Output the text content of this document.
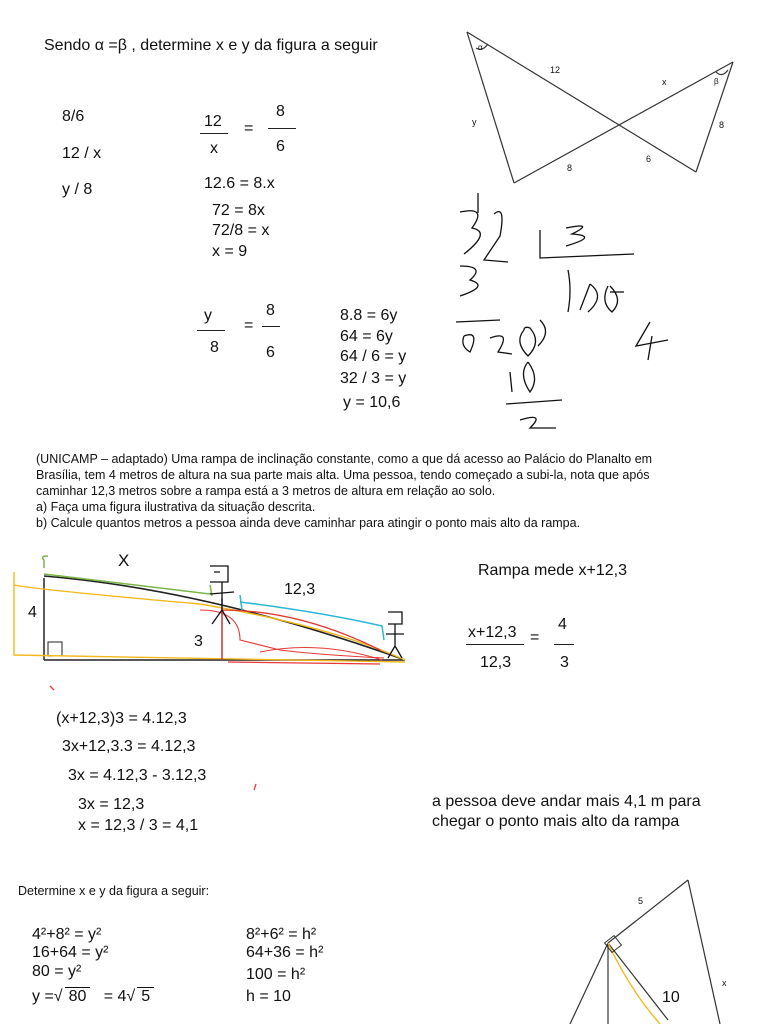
Sendo α =β , determine x e y da figura a seguir
8/6
12 / x
y / 8
12
x
=
8
6
12.6 = 8.x
72 = 8x
72/8 = x
x = 9
y
8
=
8
6
8.8 = 6y
64 = 6y
64 / 6 = y
32 / 3 = y
y = 10,6
α
β
12
x
y	8
8
6
(UNICAMP – adaptado) Uma rampa de inclinação constante, como a que dá acesso ao Palácio do Planalto em
Brasília, tem 4 metros de altura na sua parte mais alta. Uma pessoa, tendo começado a subi-la, nota que após
caminhar 12,3 metros sobre a rampa está a 3 metros de altura em relação ao solo.
a) Faça uma figura ilustrativa da situação descrita.
b) Calcule quantos metros a pessoa ainda deve caminhar para atingir o ponto mais alto da rampa.
X
12,3
4
3
Rampa mede x+12,3
x+12,3
12,3
=
4
3
(x+12,3)3 = 4.12,3
3x+12,3.3 = 4.12,3
3x = 4.12,3 - 3.12,3
3x = 12,3
x = 12,3 / 3 = 4,1
a pessoa deve andar mais 4,1 m para
chegar o ponto mais alto da rampa
Determine x e y da figura a seguir:
4²+8² = y²
16+64 = y²
80 = y²
y =√ 80 = 4√ 5
8²+6² = h²
64+36 = h²
100 = h²
h = 10
5
10
x
